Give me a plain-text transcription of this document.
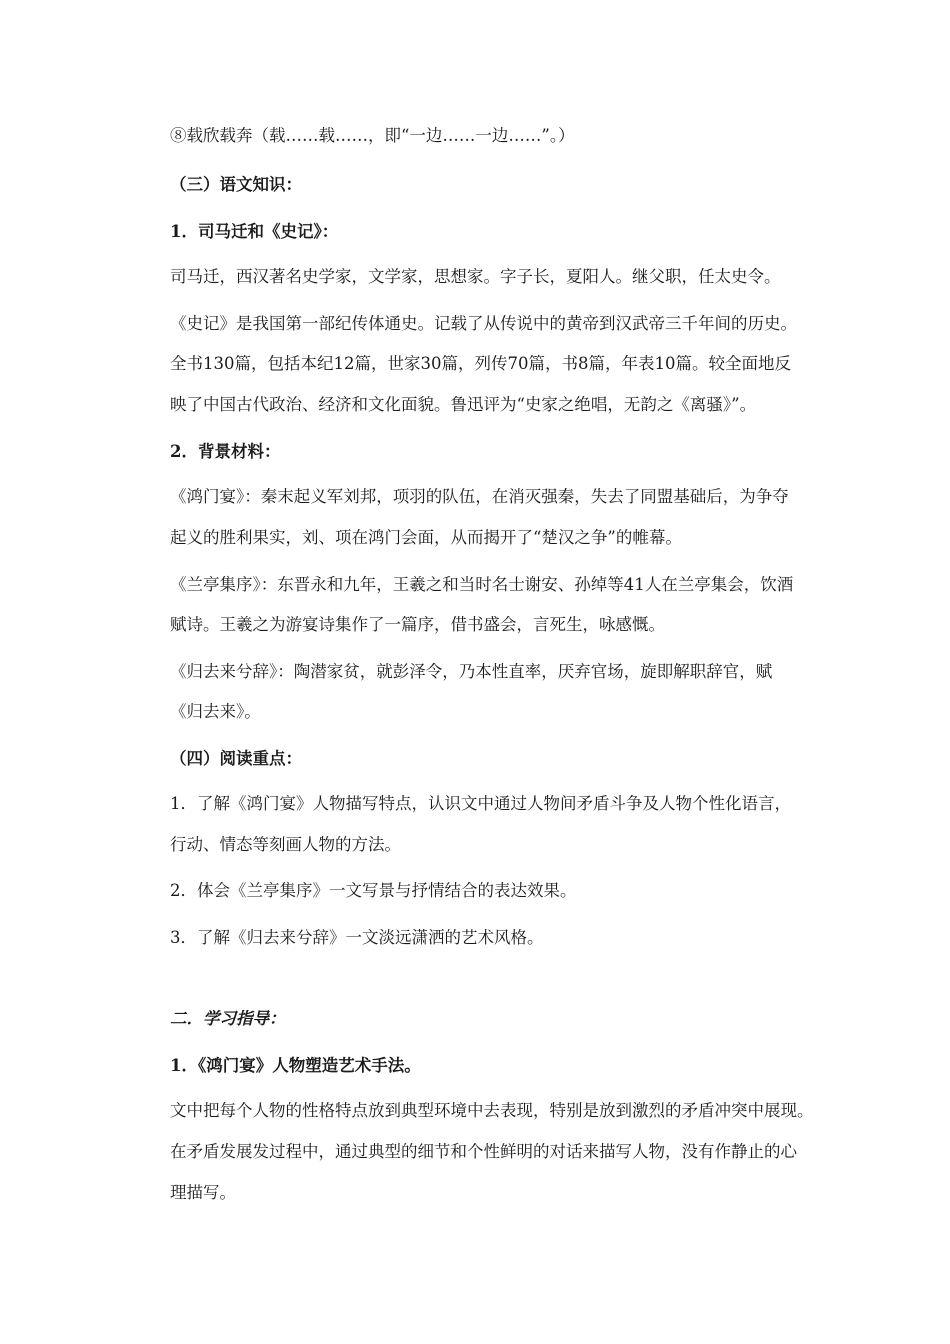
⑧载欣载奔（载……载……，即“一边……一边……”。）
（三）语文知识：
1．司马迁和《史记》：
司马迁，西汉著名史学家，文学家，思想家。字子长，夏阳人。继父职，任太史令。
《史记》是我国第一部纪传体通史。记载了从传说中的黄帝到汉武帝三千年间的历史。
全书130篇，包括本纪12篇，世家30篇，列传70篇，书8篇，年表10篇。较全面地反
映了中国古代政治、经济和文化面貌。鲁迅评为“史家之绝唱，无韵之《离骚》”。
2．背景材料：
《鸿门宴》：秦末起义军刘邦，项羽的队伍，在消灭强秦，失去了同盟基础后，为争夺
起义的胜利果实，刘、项在鸿门会面，从而揭开了“楚汉之争”的帷幕。
《兰亭集序》：东晋永和九年，王羲之和当时名士谢安、孙绰等41人在兰亭集会，饮酒
赋诗。王羲之为游宴诗集作了一篇序，借书盛会，言死生，咏感慨。
《归去来兮辞》：陶潜家贫，就彭泽令，乃本性直率，厌弃官场，旋即解职辞官，赋
《归去来》。
（四）阅读重点：
1．了解《鸿门宴》人物描写特点，认识文中通过人物间矛盾斗争及人物个性化语言，
行动、情态等刻画人物的方法。
2．体会《兰亭集序》一文写景与抒情结合的表达效果。
3．了解《归去来兮辞》一文淡远潇洒的艺术风格。
二．学习指导：
1．《鸿门宴》人物塑造艺术手法。
文中把每个人物的性格特点放到典型环境中去表现，特别是放到激烈的矛盾冲突中展现。
在矛盾发展发过程中，通过典型的细节和个性鲜明的对话来描写人物，没有作静止的心
理描写。
